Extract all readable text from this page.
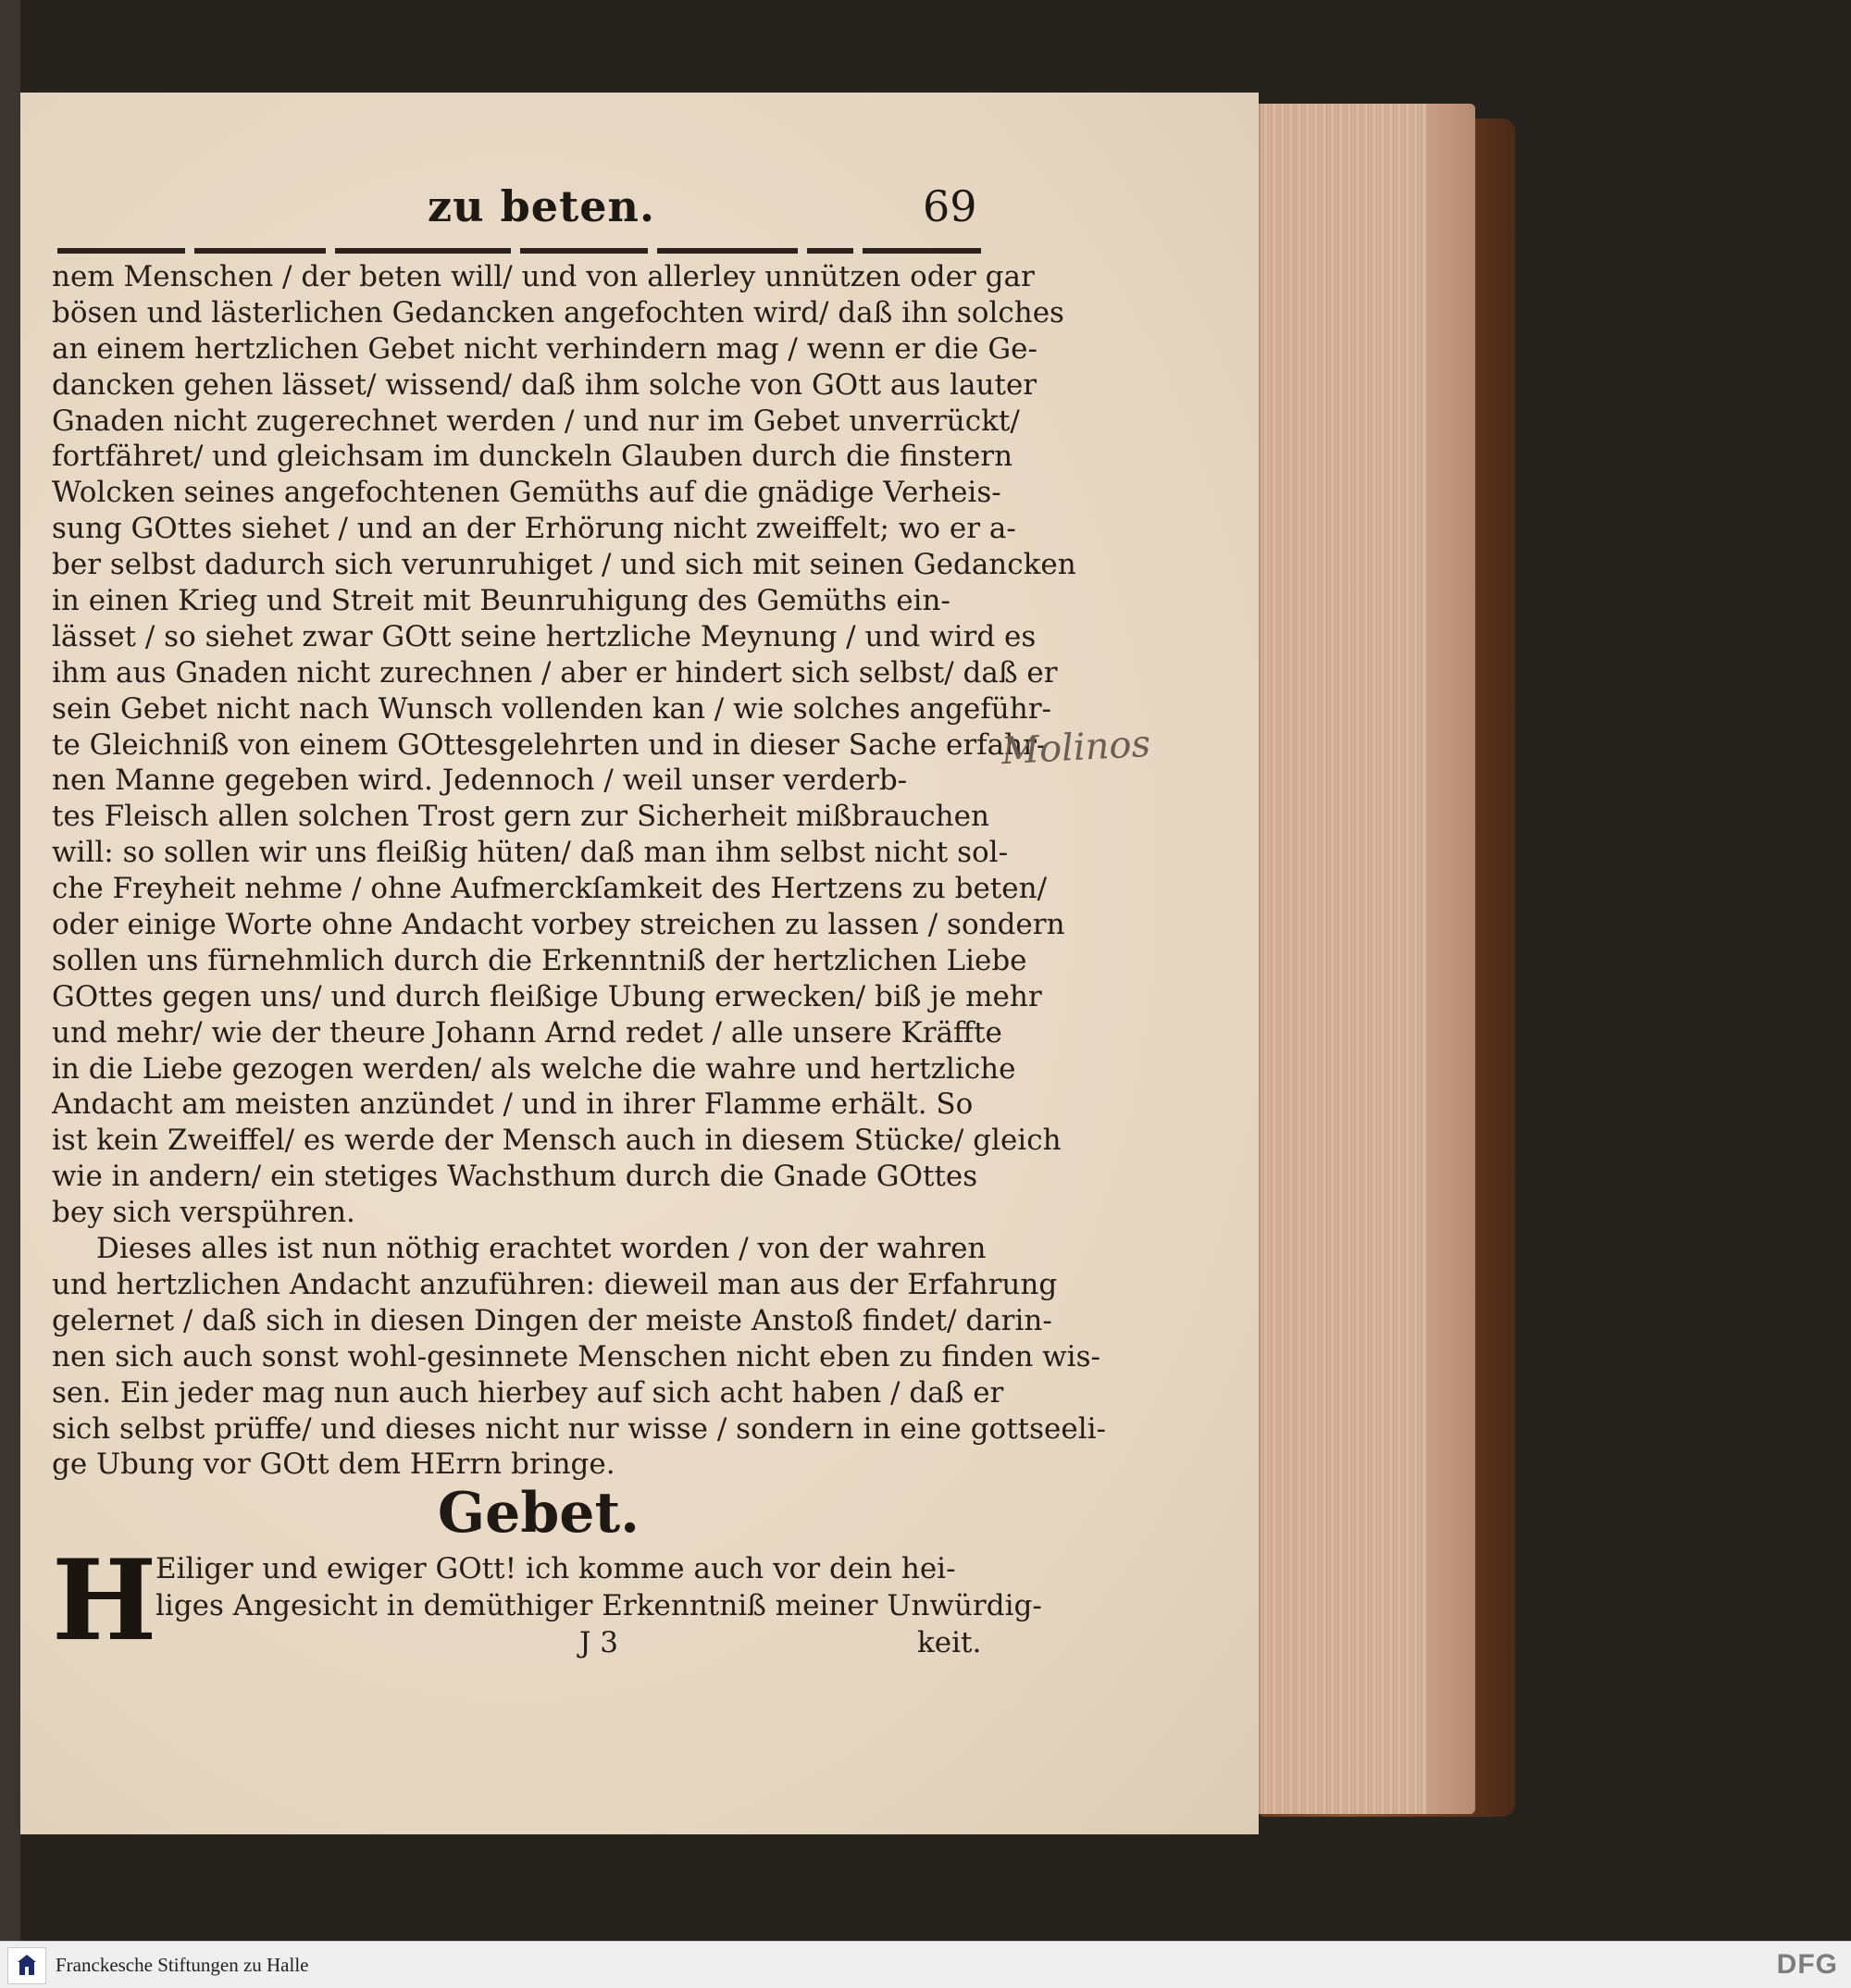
zu beten.	69
nem Menschen / der beten will/ und von allerley unnützen oder gar
bösen und lästerlichen Gedancken angefochten wird/ daß ihn solches
an einem hertzlichen Gebet nicht verhindern mag / wenn er die Ge-
dancken gehen lässet/ wissend/ daß ihm solche von GOtt aus lauter
Gnaden nicht zugerechnet werden / und nur im Gebet unverrückt/
fortfähret/ und gleichsam im dunckeln Glauben durch die finstern
Wolcken seines angefochtenen Gemüths auf die gnädige Verheis-
sung GOttes siehet / und an der Erhörung nicht zweiffelt; wo er a-
ber selbst dadurch sich verunruhiget / und sich mit seinen Gedancken
in einen Krieg und Streit mit Beunruhigung des Gemüths ein-
lässet / so siehet zwar GOtt seine hertzliche Meynung / und wird es
ihm aus Gnaden nicht zurechnen / aber er hindert sich selbst/ daß er
sein Gebet nicht nach Wunsch vollenden kan / wie solches angeführ-
te Gleichniß von einem GOttesgelehrten und in dieser Sache erfahr-
nen Manne gegeben wird. Jedennoch / weil unser verderb-
tes Fleisch allen solchen Trost gern zur Sicherheit mißbrauchen
will: so sollen wir uns fleißig hüten/ daß man ihm selbst nicht sol-
che Freyheit nehme / ohne Aufmerckſamkeit des Hertzens zu beten/
oder einige Worte ohne Andacht vorbey streichen zu lassen / sondern
sollen uns fürnehmlich durch die Erkenntniß der hertzlichen Liebe
GOttes gegen uns/ und durch fleißige Ubung erwecken/ biß je mehr
und mehr/ wie der theure Johann Arnd redet / alle unsere Kräffte
in die Liebe gezogen werden/ als welche die wahre und hertzliche
Andacht am meisten anzündet / und in ihrer Flamme erhält. So
ist kein Zweiffel/ es werde der Mensch auch in diesem Stücke/ gleich
wie in andern/ ein stetiges Wachsthum durch die Gnade GOttes
bey sich verspühren.
Dieses alles ist nun nöthig erachtet worden / von der wahren
und hertzlichen Andacht anzuführen: dieweil man aus der Erfahrung
gelernet / daß sich in diesen Dingen der meiste Anstoß findet/ darin-
nen sich auch sonst wohl-gesinnete Menschen nicht eben zu finden wis-
sen. Ein jeder mag nun auch hierbey auf sich acht haben / daß er
sich selbst prüffe/ und dieses nicht nur wisse / sondern in eine gottseeli-
ge Ubung vor GOtt dem HErrn bringe.
Gebet.
H
Eiliger und ewiger GOtt! ich komme auch vor dein hei-
liges Angesicht in demüthiger Erkenntniß meiner Unwürdig-
J 3	keit.
Molinos
Franckesche Stiftungen zu Halle	DFG
